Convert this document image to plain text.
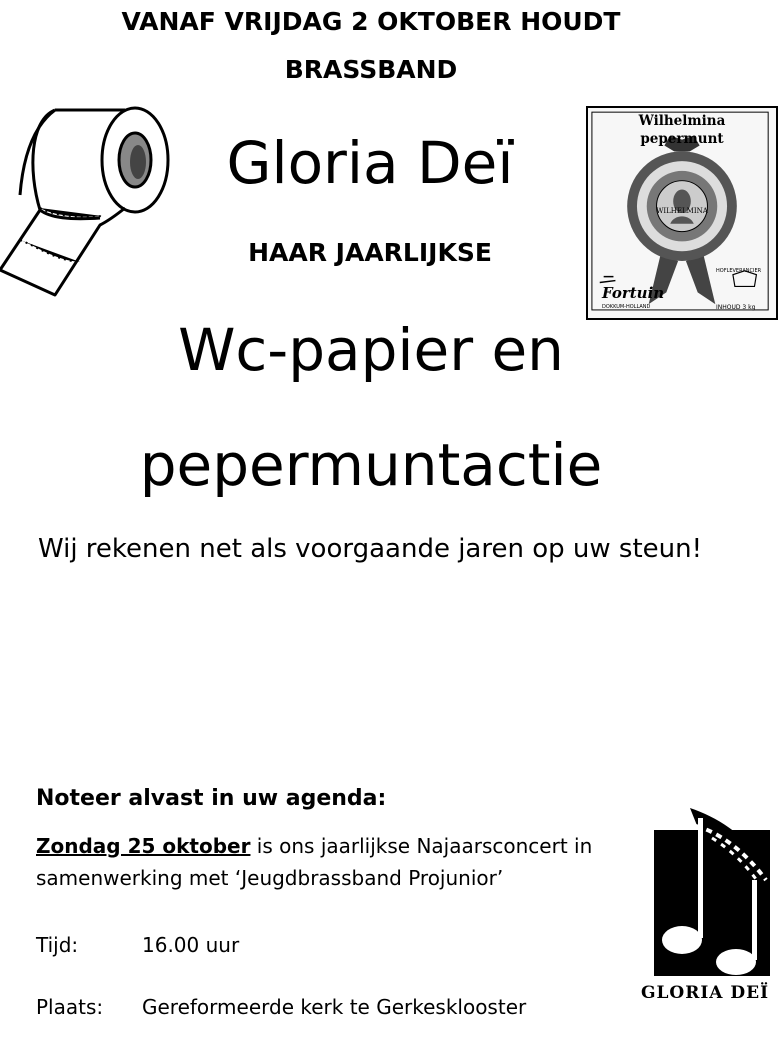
VANAF VRIJDAG 2 OKTOBER HOUDT
BRASSBAND
Gloria Deï
HAAR JAARLIJKSE
WILHELMINA
Fortuin
DOKKUM-HOLLAND
HOFLEVERANCIER
INHOUD 3 kg
Wilhelmina pepermunt
Wc-papier en
pepermuntactie
Wij rekenen net als voorgaande jaren op uw steun!
Noteer alvast in uw agenda:
Zondag 25 oktober is ons jaarlijkse Najaarsconcert in samenwerking met ‘Jeugdbrassband Projunior’
Tijd:	16.00 uur
Plaats: Gereformeerde kerk te Gerkesklooster
GLORIA DEÏ
